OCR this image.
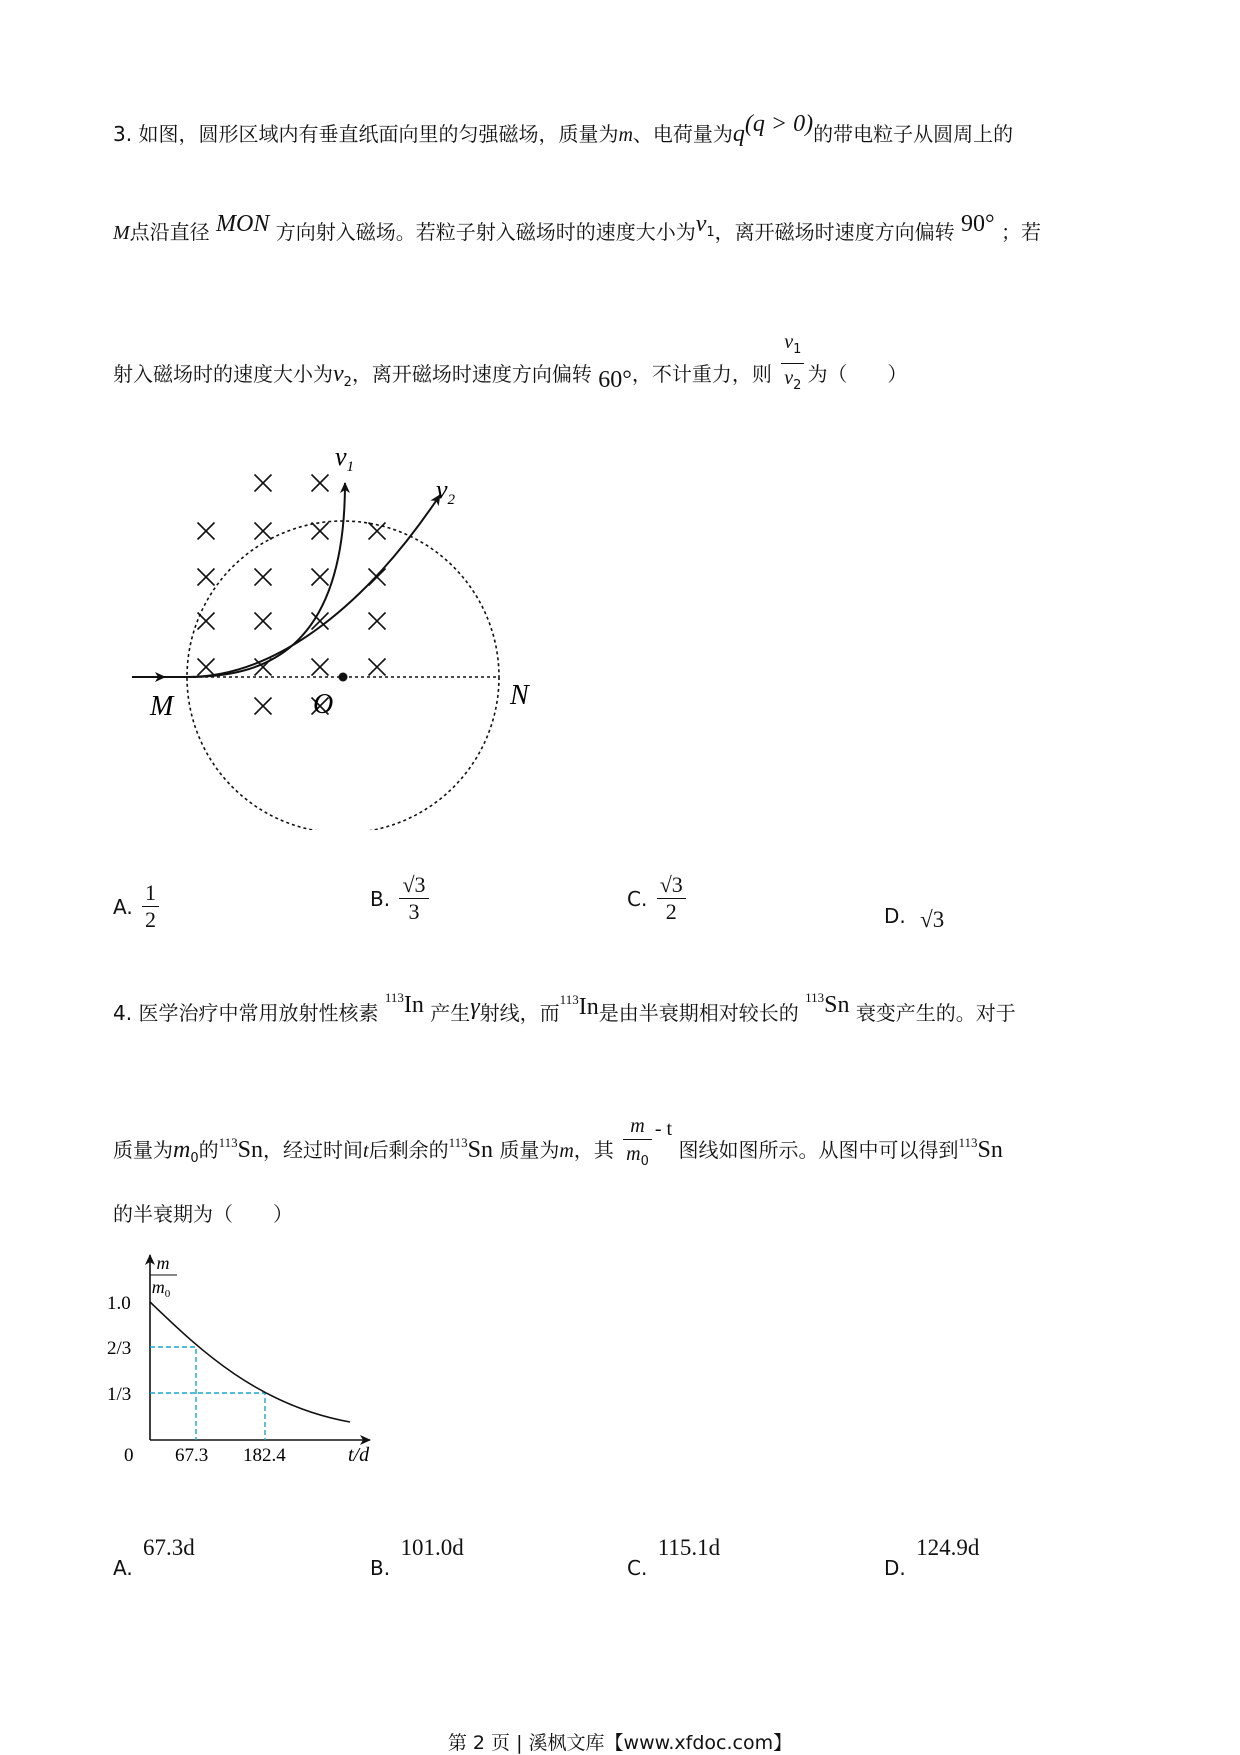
3. 如图，圆形区域内有垂直纸面向里的匀强磁场，质量为m、电荷量为q(q > 0)的带电粒子从圆周上的
M点沿直径 MON 方向射入磁场。若粒子射入磁场时的速度大小为$v_1$，离开磁场时速度方向偏转 90° ；若
射入磁场时的速度大小为$v_2$，离开磁场时速度方向偏转 60°，不计重力，则 $\frac{v_1}{v_2}$ 为（　　）
$v_1$
$v_2$
M	O	N
A. $\frac{1}{2}$	B. $\frac{√3}{3}$	C. $\frac{√3}{2}$	D. √3
4. 医学治疗中常用放射性核素 $^{113}$In 产生γ射线，而$^{113}$In是由半衰期相对较长的 $^{113}$Sn 衰变产生的。对于
质量为$m_0$的$^{113}$Sn，经过时间t后剩余的$^{113}$Sn 质量为m，其 $\frac{m}{m_0}$ - t 图线如图所示。从图中可以得到$^{113}$Sn
的半衰期为（　　）
m
$m_0$
1.0
2/3
1/3
0 67.3 182.4	t/d
A. 67.3d
B. 101.0d
C. 115.1d
D. 124.9d
第 2 页 | 溪枫文库【www.xfdoc.com】
